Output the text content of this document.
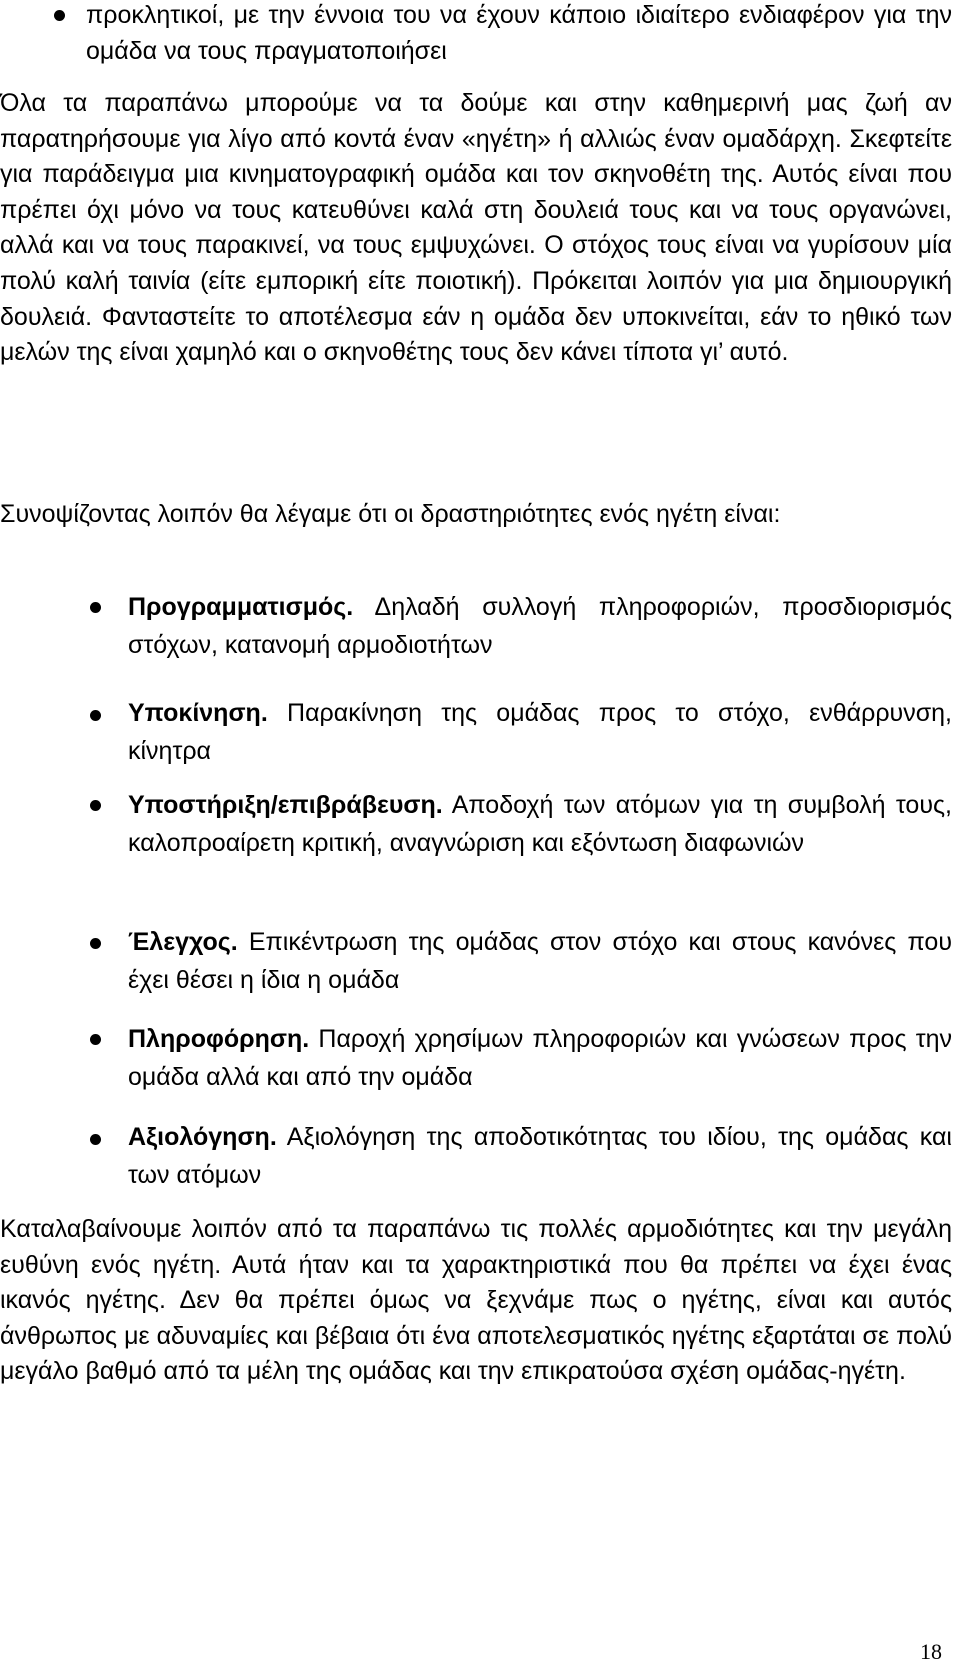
προκλητικοί, με την έννοια του να έχουν κάποιο ιδιαίτερο ενδιαφέρον για την ομάδα να τους πραγματοποιήσει

Όλα τα παραπάνω μπορούμε να τα δούμε και στην καθημερινή μας ζωή αν παρατηρήσουμε για λίγο από κοντά έναν «ηγέτη» ή αλλιώς έναν ομαδάρχη. Σκεφτείτε για παράδειγμα μια κινηματογραφική ομάδα και τον σκηνοθέτη της. Αυτός είναι που πρέπει όχι μόνο να τους κατευθύνει καλά στη δουλειά τους και να τους οργανώνει, αλλά και να τους παρακινεί, να τους εμψυχώνει. Ο στόχος τους είναι να γυρίσουν μία πολύ καλή ταινία (είτε εμπορική είτε ποιοτική). Πρόκειται λοιπόν για μια δημιουργική δουλειά. Φανταστείτε το αποτέλεσμα εάν η ομάδα δεν υποκινείται, εάν το ηθικό των μελών της είναι χαμηλό και ο σκηνοθέτης τους δεν κάνει τίποτα γι’ αυτό.

Συνοψίζοντας λοιπόν θα λέγαμε ότι οι δραστηριότητες ενός ηγέτη είναι:

Προγραμματισμός. Δηλαδή συλλογή πληροφοριών, προσδιορισμός στόχων, κατανομή αρμοδιοτήτων

Υποκίνηση. Παρακίνηση της ομάδας προς το στόχο, ενθάρρυνση, κίνητρα

Υποστήριξη/επιβράβευση. Αποδοχή των ατόμων για τη συμβολή τους, καλοπροαίρετη κριτική, αναγνώριση και εξόντωση διαφωνιών

Έλεγχος. Επικέντρωση της ομάδας στον στόχο και στους κανόνες που έχει θέσει η ίδια η ομάδα

Πληροφόρηση. Παροχή χρησίμων πληροφοριών και γνώσεων προς την ομάδα αλλά και από την ομάδα

Αξιολόγηση. Αξιολόγηση της αποδοτικότητας του ιδίου, της ομάδας και των ατόμων

Καταλαβαίνουμε λοιπόν από τα παραπάνω τις πολλές αρμοδιότητες και την μεγάλη ευθύνη ενός ηγέτη. Αυτά ήταν και τα χαρακτηριστικά που θα πρέπει να έχει ένας ικανός ηγέτης. Δεν θα πρέπει όμως να ξεχνάμε πως ο ηγέτης, είναι και αυτός άνθρωπος με αδυναμίες και βέβαια ότι ένα αποτελεσματικός ηγέτης εξαρτάται σε πολύ μεγάλο βαθμό από τα μέλη της ομάδας και την επικρατούσα σχέση ομάδας-ηγέτη.

18
